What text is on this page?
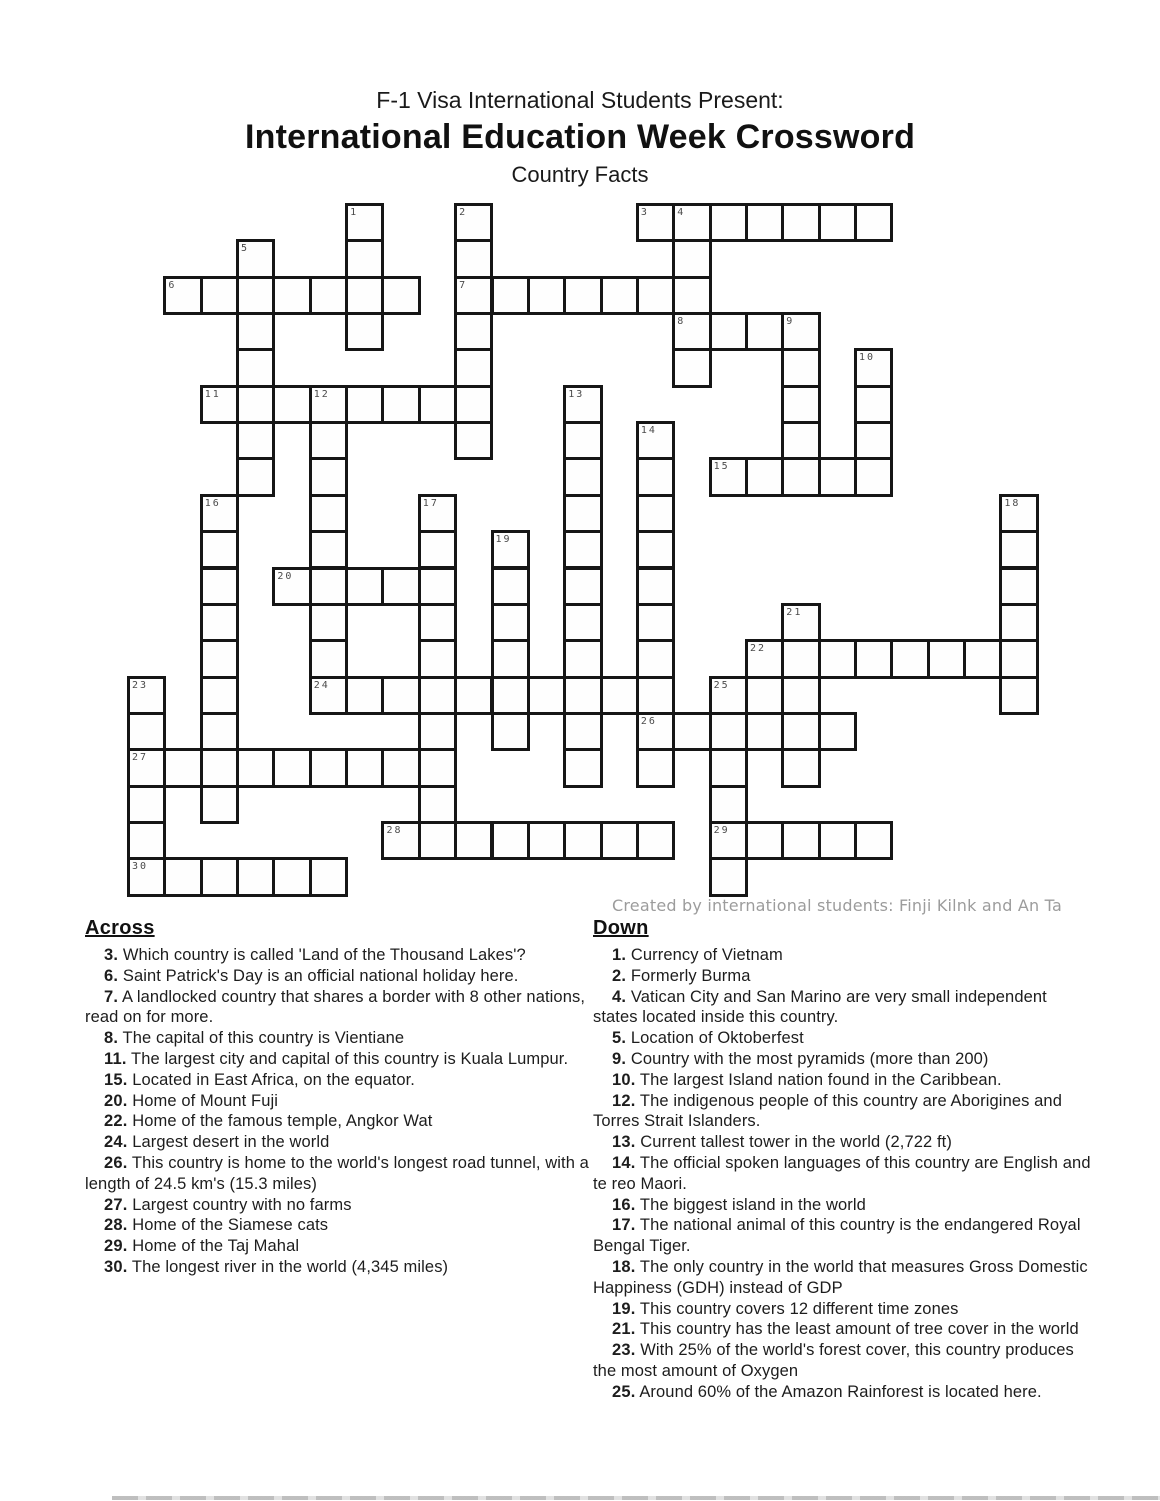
F-1 Visa International Students Present:
International Education Week Crossword
Country Facts
1	2	3	4
5
6	7
8	9
10
11	12	13
14
15
16	17	18
19
20
21
22
23	24	25
26
27
28	29
30
Created by international students: Finji Kilnk and An Ta
Across

3. Which country is called 'Land of the Thousand Lakes'?

6. Saint Patrick's Day is an official national holiday here.

7. A landlocked country that shares a border with 8 other nations, read on for more.

8. The capital of this country is Vientiane

11. The largest city and capital of this country is Kuala Lumpur.

15. Located in East Africa, on the equator.

20. Home of Mount Fuji

22. Home of the famous temple, Angkor Wat

24. Largest desert in the world

26. This country is home to the world's longest road tunnel, with a length of 24.5 km's (15.3 miles)

27. Largest country with no farms

28. Home of the Siamese cats

29. Home of the Taj Mahal

30. The longest river in the world (4,345 miles)

Down

1. Currency of Vietnam

2. Formerly Burma

4. Vatican City and San Marino are very small independent states located inside this country.

5. Location of Oktoberfest

9. Country with the most pyramids (more than 200)

10. The largest Island nation found in the Caribbean.

12. The indigenous people of this country are Aborigines and Torres Strait Islanders.

13. Current tallest tower in the world (2,722 ft)

14. The official spoken languages of this country are English and te reo Maori.

16. The biggest island in the world

17. The national animal of this country is the endangered Royal Bengal Tiger.

18. The only country in the world that measures Gross Domestic Happiness (GDH) instead of GDP

19. This country covers 12 different time zones

21. This country has the least amount of tree cover in the world

23. With 25% of the world's forest cover, this country produces the most amount of Oxygen

25. Around 60% of the Amazon Rainforest is located here.
